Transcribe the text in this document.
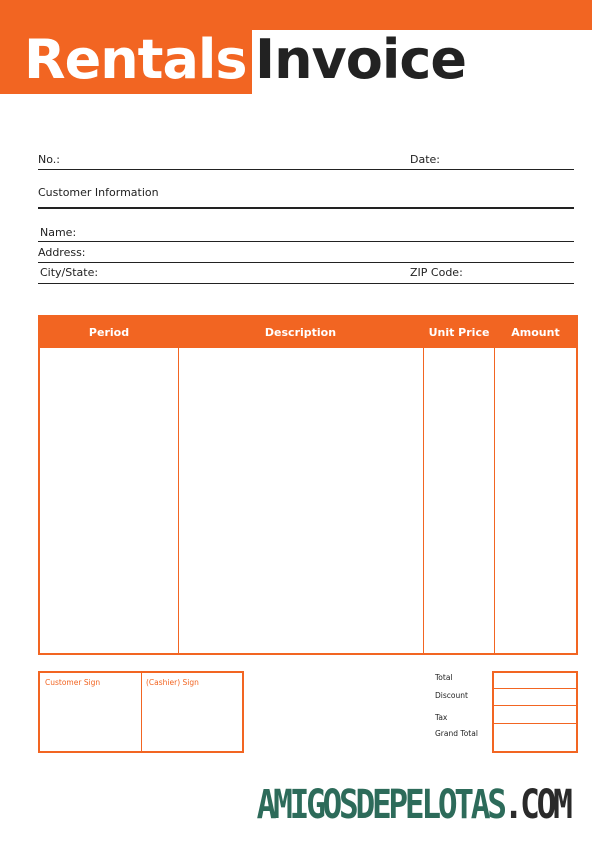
Rentals Invoice
No.:	Date:
Customer Information
Name:
Address:
City/State:	ZIP Code:
Period	Description	Unit Price	Amount
Customer Sign	(Cashier) Sign
Total
Discount
Tax
Grand Total
AMIGOSDEPELOTAS.COM
